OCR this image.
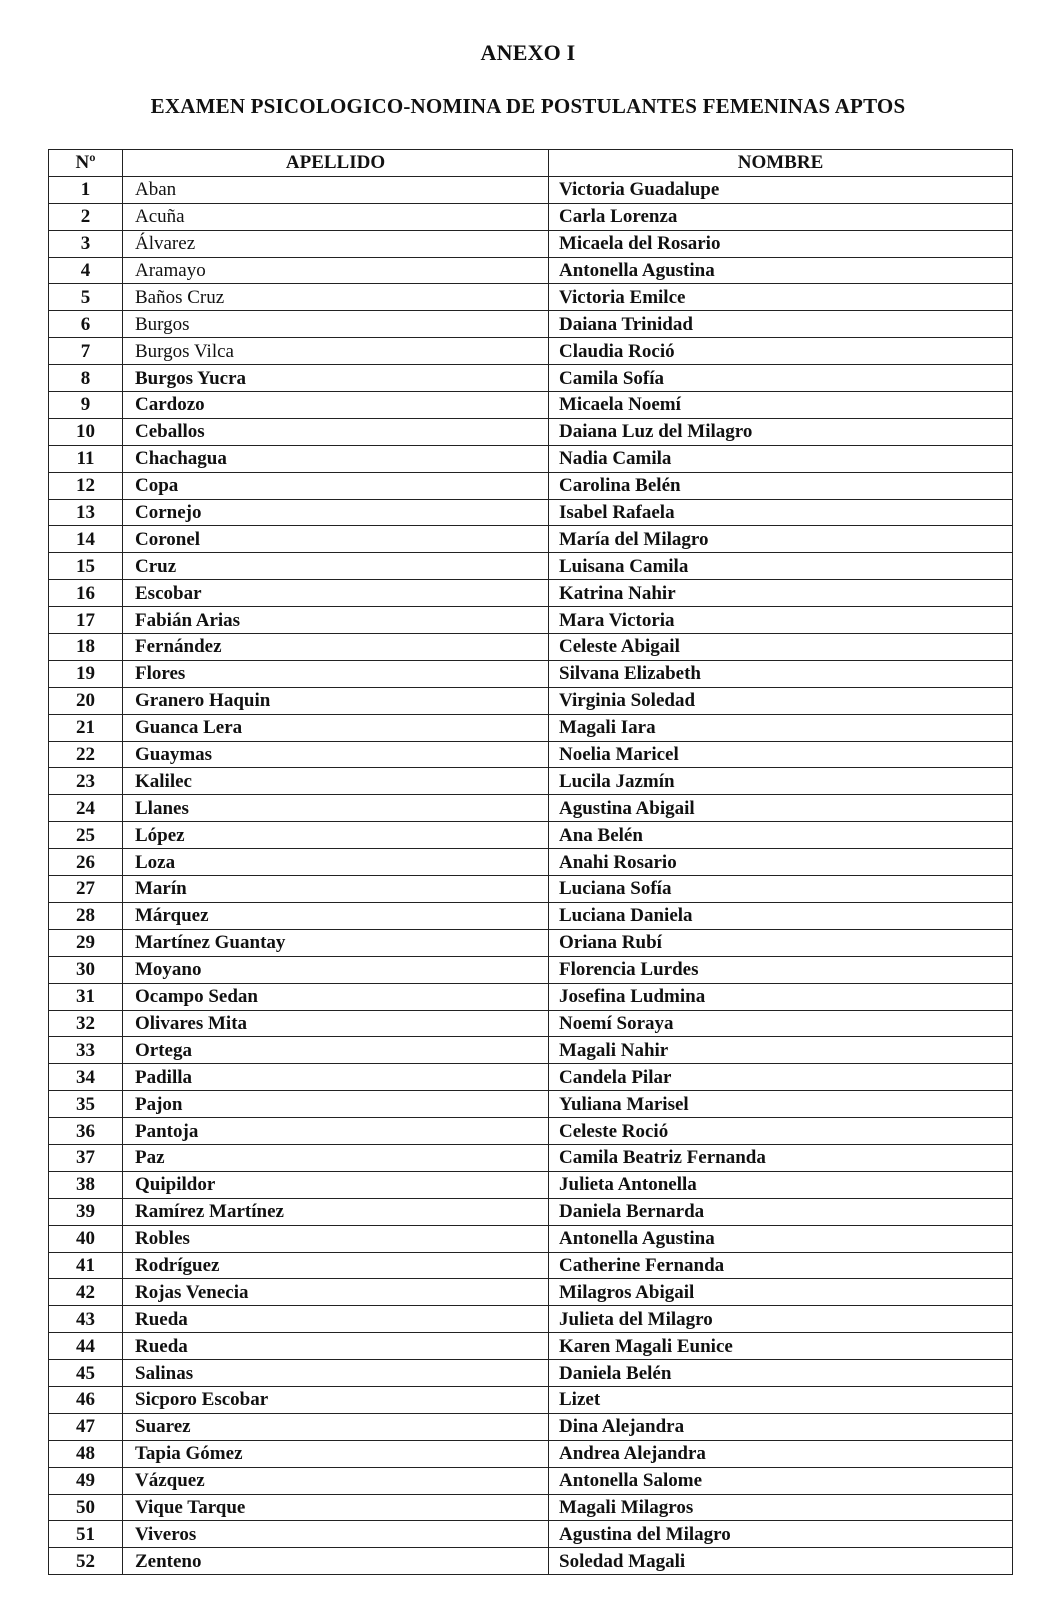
ANEXO I
EXAMEN PSICOLOGICO-NOMINA DE POSTULANTES FEMENINAS APTOS
Nº	APELLIDO	NOMBRE
1	Aban	Victoria Guadalupe
2	Acuña	Carla Lorenza
3	Álvarez	Micaela del Rosario
4	Aramayo	Antonella Agustina
5	Baños Cruz	Victoria Emilce
6	Burgos	Daiana Trinidad
7	Burgos Vilca	Claudia Roció
8	Burgos Yucra	Camila Sofía
9	Cardozo	Micaela Noemí
10	Ceballos	Daiana Luz del Milagro
11	Chachagua	Nadia Camila
12	Copa	Carolina Belén
13	Cornejo	Isabel Rafaela
14	Coronel	María del Milagro
15	Cruz	Luisana Camila
16	Escobar	Katrina Nahir
17	Fabián Arias	Mara Victoria
18	Fernández	Celeste Abigail
19	Flores	Silvana Elizabeth
20	Granero Haquin	Virginia Soledad
21	Guanca Lera	Magali Iara
22	Guaymas	Noelia Maricel
23	Kalilec	Lucila Jazmín
24	Llanes	Agustina Abigail
25	López	Ana Belén
26	Loza	Anahi Rosario
27	Marín	Luciana Sofía
28	Márquez	Luciana Daniela
29	Martínez Guantay	Oriana Rubí
30	Moyano	Florencia Lurdes
31	Ocampo Sedan	Josefina Ludmina
32	Olivares Mita	Noemí Soraya
33	Ortega	Magali Nahir
34	Padilla	Candela Pilar
35	Pajon	Yuliana Marisel
36	Pantoja	Celeste Roció
37	Paz	Camila Beatriz Fernanda
38	Quipildor	Julieta Antonella
39	Ramírez Martínez	Daniela Bernarda
40	Robles	Antonella Agustina
41	Rodríguez	Catherine Fernanda
42	Rojas Venecia	Milagros Abigail
43	Rueda	Julieta del Milagro
44	Rueda	Karen Magali Eunice
45	Salinas	Daniela Belén
46	Sicporo Escobar	Lizet
47	Suarez	Dina Alejandra
48	Tapia Gómez	Andrea Alejandra
49	Vázquez	Antonella Salome
50	Vique Tarque	Magali Milagros
51	Viveros	Agustina del Milagro
52	Zenteno	Soledad Magali
